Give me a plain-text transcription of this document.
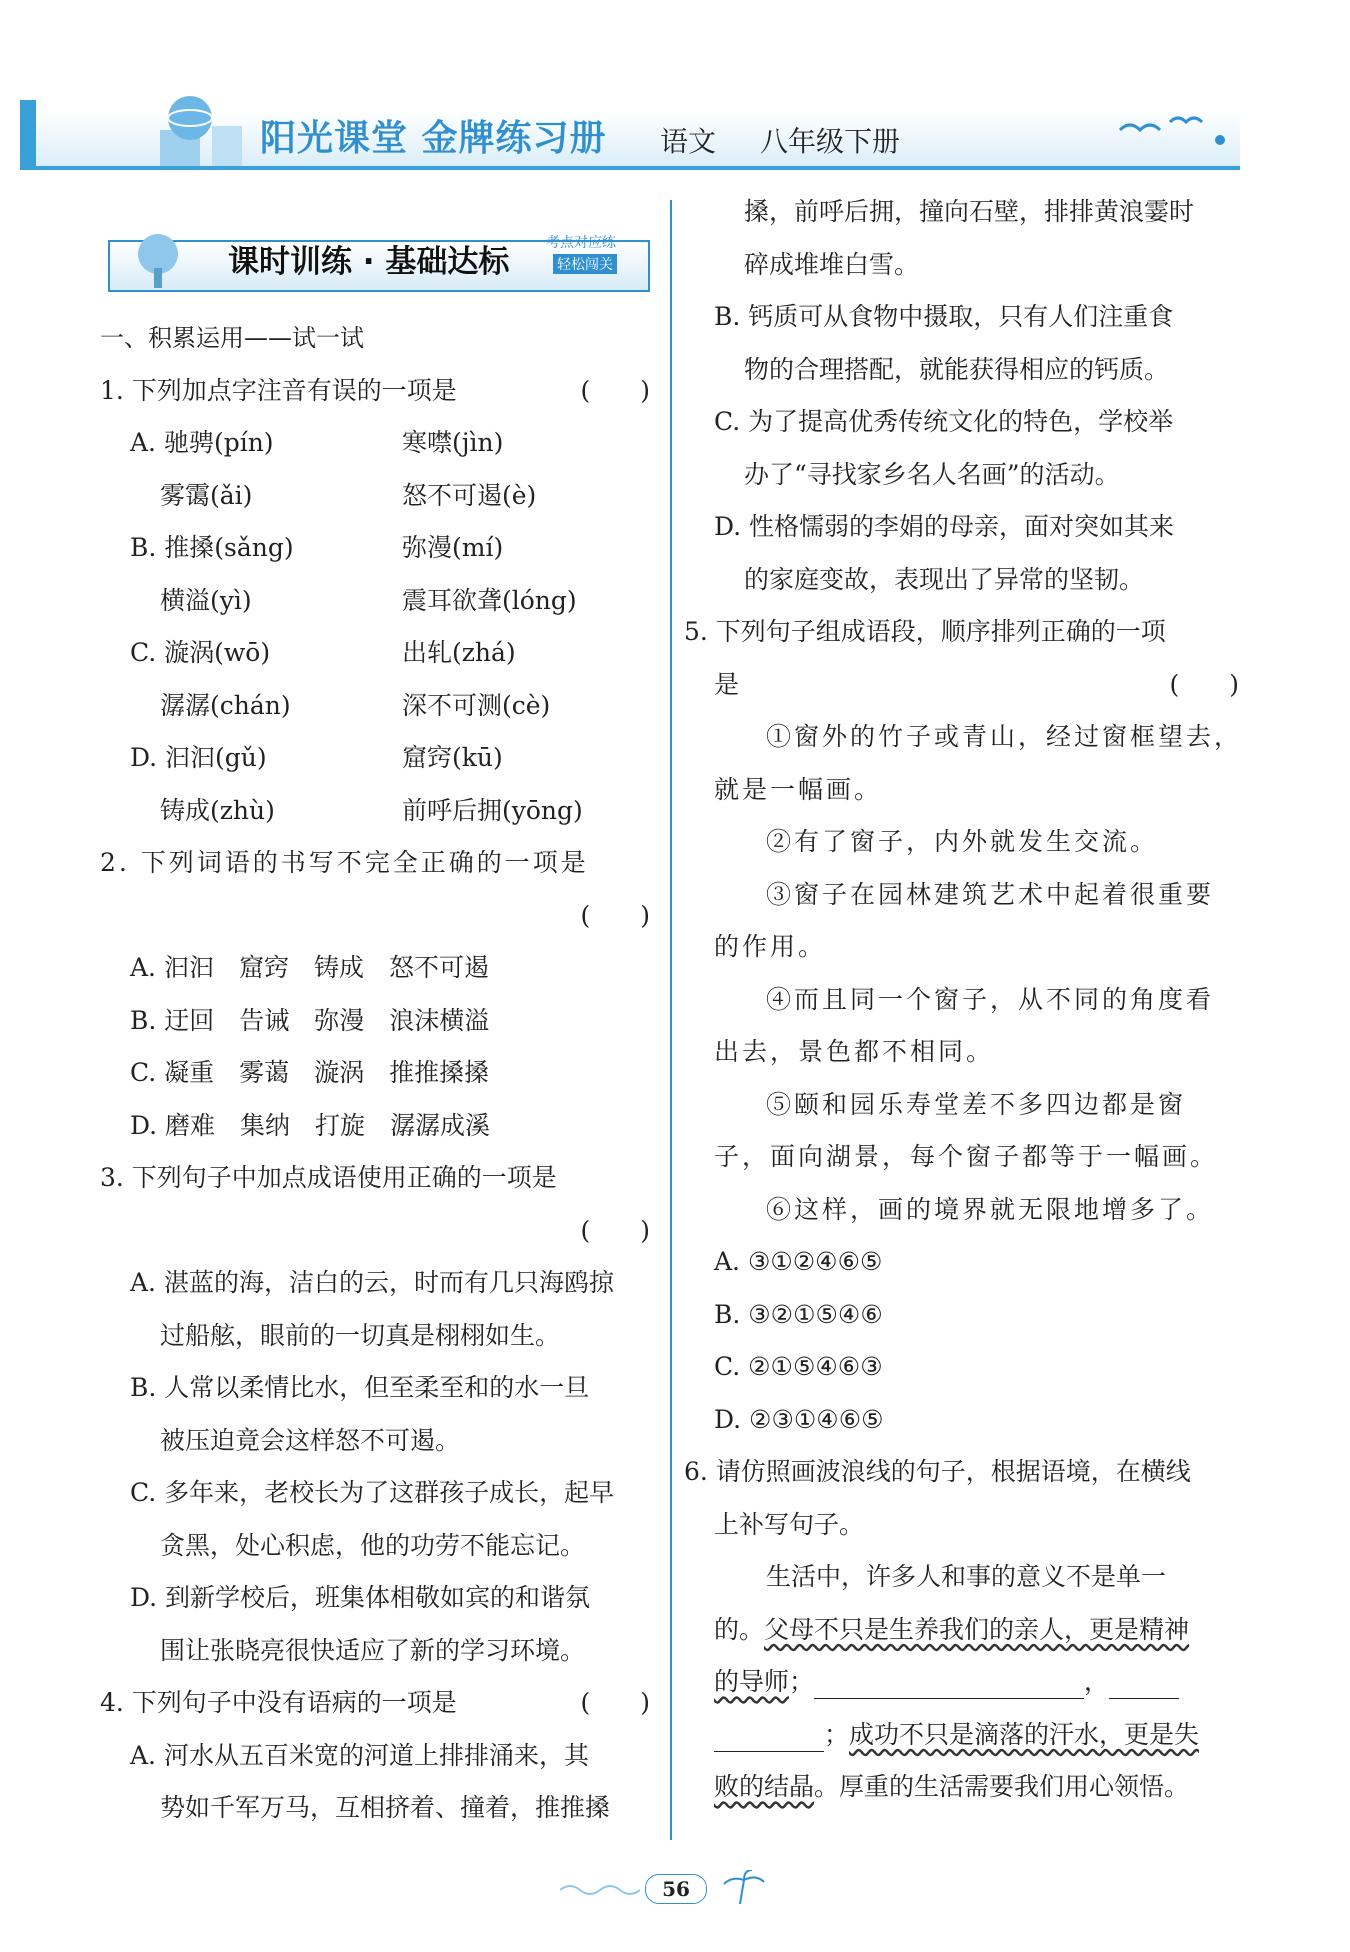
阳光课堂 金牌练习册 语文 八年级下册
课时训练 · 基础达标
考点对应练
轻松闯关
一、积累运用——试一试
1. 下列加点字注音有误的一项是	(　　)
A. 驰骋(pín)	寒噤(jìn)
雾霭(ǎi)	怒不可遏(è)
B. 推搡(sǎng)	弥漫(mí)
横溢(yì)	震耳欲聋(lóng)
C. 漩涡(wō)	出轧(zhá)
潺潺(chán)	深不可测(cè)
D. 汩汩(gǔ)	窟窍(kū)
铸成(zhù)	前呼后拥(yōng)
2. 下列词语的书写不完全正确的一项是
(　　)
A. 汩汩　窟窍　铸成　怒不可遏
B. 迂回　告诫　弥漫　浪沫横溢
C. 凝重　雾蔼　漩涡　推推搡搡
D. 磨难　集纳　打旋　潺潺成溪
3. 下列句子中加点成语使用正确的一项是
(　　)
A. 湛蓝的海，洁白的云，时而有几只海鸥掠
过船舷，眼前的一切真是栩栩如生。
B. 人常以柔情比水，但至柔至和的水一旦
被压迫竟会这样怒不可遏。
C. 多年来，老校长为了这群孩子成长，起早
贪黑，处心积虑，他的功劳不能忘记。
D. 到新学校后，班集体相敬如宾的和谐氛
围让张晓亮很快适应了新的学习环境。
4. 下列句子中没有语病的一项是	(　　)
A. 河水从五百米宽的河道上排排涌来，其
势如千军万马，互相挤着、撞着，推推搡
搡，前呼后拥，撞向石壁，排排黄浪霎时
碎成堆堆白雪。
B. 钙质可从食物中摄取，只有人们注重食
物的合理搭配，就能获得相应的钙质。
C. 为了提高优秀传统文化的特色，学校举
办了“寻找家乡名人名画”的活动。
D. 性格懦弱的李娟的母亲，面对突如其来
的家庭变故，表现出了异常的坚韧。
5. 下列句子组成语段，顺序排列正确的一项
是	(　　)
①窗外的竹子或青山，经过窗框望去，
就是一幅画。
②有了窗子，内外就发生交流。
③窗子在园林建筑艺术中起着很重要
的作用。
④而且同一个窗子，从不同的角度看
出去，景色都不相同。
⑤颐和园乐寿堂差不多四边都是窗
子，面向湖景，每个窗子都等于一幅画。
⑥这样，画的境界就无限地增多了。
A. ③①②④⑥⑤
B. ③②①⑤④⑥
C. ②①⑤④⑥③
D. ②③①④⑥⑤
6. 请仿照画波浪线的句子，根据语境，在横线
上补写句子。
生活中，许多人和事的意义不是单一
的。父母不只是生养我们的亲人，更是精神
的导师；	，
；成功不只是滴落的汗水，更是失
败的结晶。厚重的生活需要我们用心领悟。
56
